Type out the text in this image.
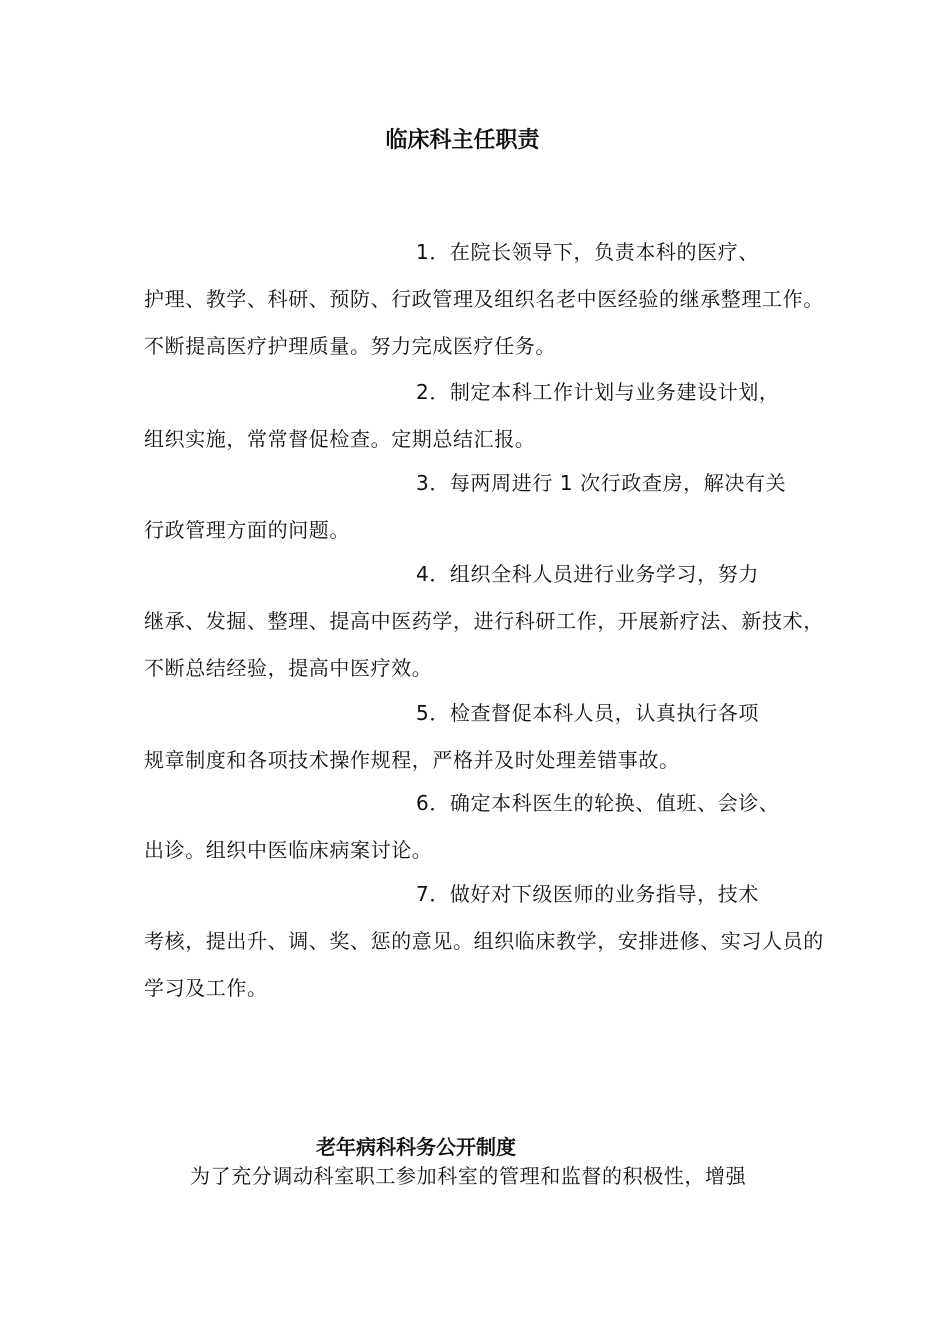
临床科主任职责

1．在院长领导下，负责本科的医疗、
护理、教学、科研、预防、行政管理及组织名老中医经验的继承整理工作。不断提高医疗护理质量。努力完成医疗任务。

2．制定本科工作计划与业务建设计划，
组织实施，常常督促检查。定期总结汇报。

3．每两周进行 1 次行政查房，解决有关
行政管理方面的问题。

4．组织全科人员进行业务学习，努力
继承、发掘、整理、提高中医药学，进行科研工作，开展新疗法、新技术，不断总结经验，提高中医疗效。

5．检查督促本科人员，认真执行各项
规章制度和各项技术操作规程，严格并及时处理差错事故。

6．确定本科医生的轮换、值班、会诊、
出诊。组织中医临床病案讨论。

7．做好对下级医师的业务指导，技术
考核，提出升、调、奖、惩的意见。组织临床教学，安排进修、实习人员的学习及工作。

老年病科科务公开制度

为了充分调动科室职工参加科室的管理和监督的积极性，增强
